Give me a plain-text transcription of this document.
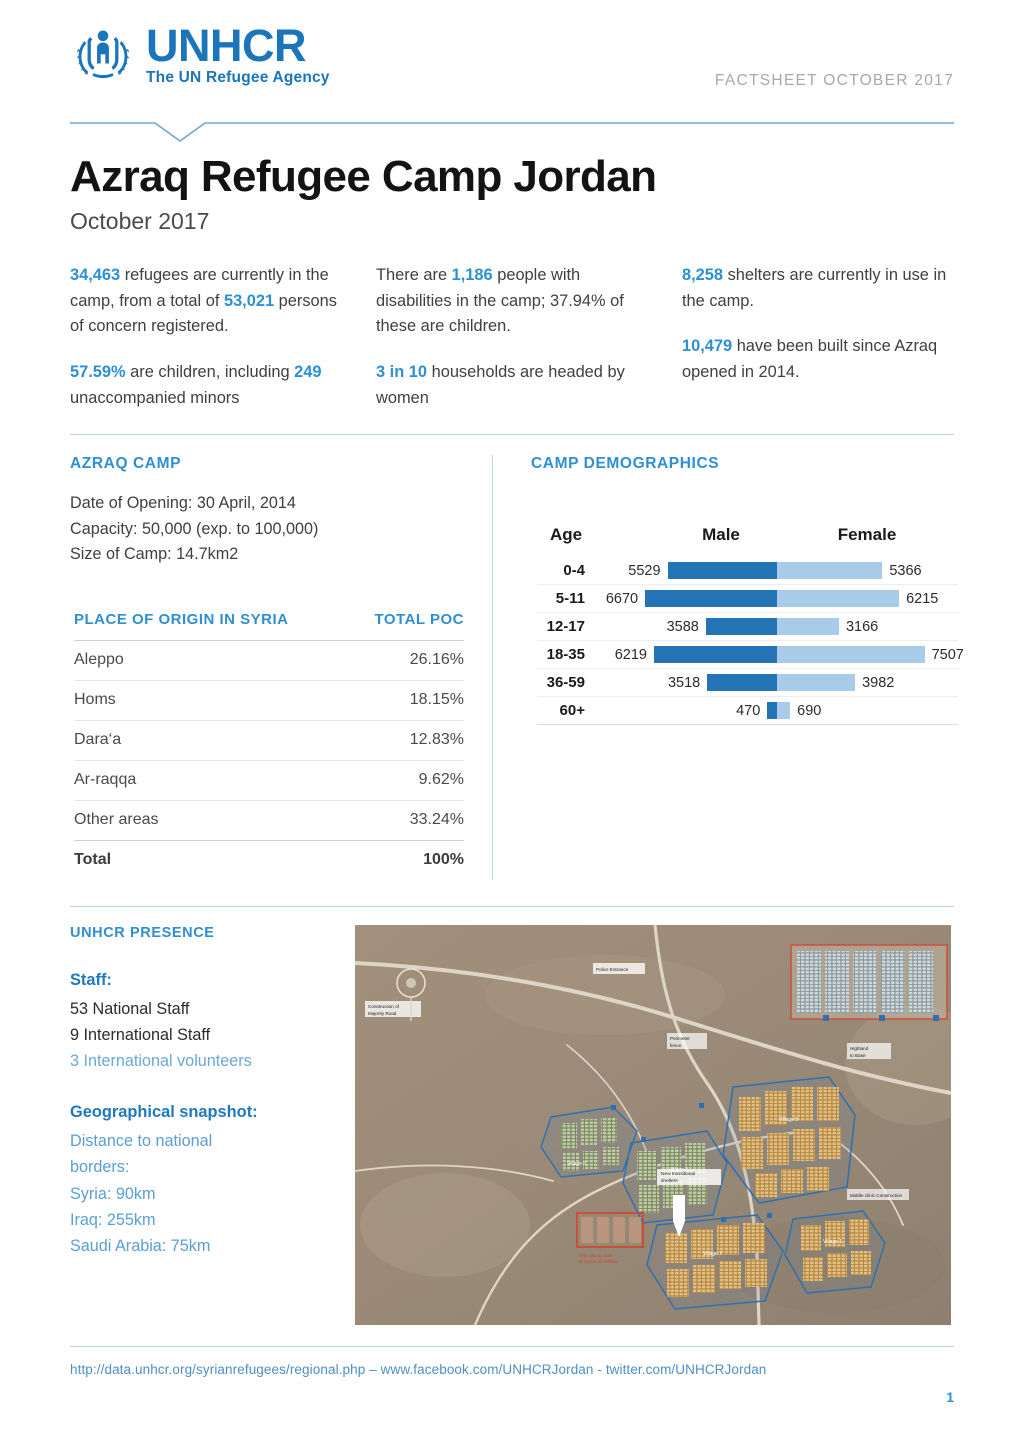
UNHCR
The UN Refugee Agency	FACTSHEET OCTOBER 2017
Azraq Refugee Camp Jordan
October 2017
34,463 refugees are currently in the camp, from a total of 53,021 persons of concern registered.
57.59% are children, including 249 unaccompanied minors
There are 1,186 people with disabilities in the camp; 37.94% of these are children.
3 in 10 households are headed by women
8,258 shelters are currently in use in the camp.
10,479 have been built since Azraq opened in 2014.
AZRAQ CAMP
Date of Opening: 30 April, 2014
Capacity: 50,000 (exp. to 100,000)
Size of Camp: 14.7km2
PLACE OF ORIGIN IN SYRIA	TOTAL POC
Aleppo	26.16%
Homs	18.15%
Dara‘a	12.83%
Ar-raqqa	9.62%
Other areas	33.24%
Total	100%
CAMP DEMOGRAPHICS
Age	Male	Female
0-4	5529	5366
5-11	6670	6215
12-17	3588	3166
18-35	6219	7507
36-59	3518	3982
60+	470	690
UNHCR PRESENCE
Staff:
53 National Staff
9 International Staff
3 International volunteers
Geographical snapshot:
Distance to national
borders:
Syria: 90km
Iraq: 255km
Saudi Arabia: 75km
Village 6
Village 5
Village 2
Village 1
One row in case
of cases of cholera
New transitional
shelters
Police Entrance
Construction of
Majority Road
Perimeter
fence
Highland
to Base
Middle clinic Construction
http://data.unhcr.org/syrianrefugees/regional.php – www.facebook.com/UNHCRJordan - twitter.com/UNHCRJordan
1
